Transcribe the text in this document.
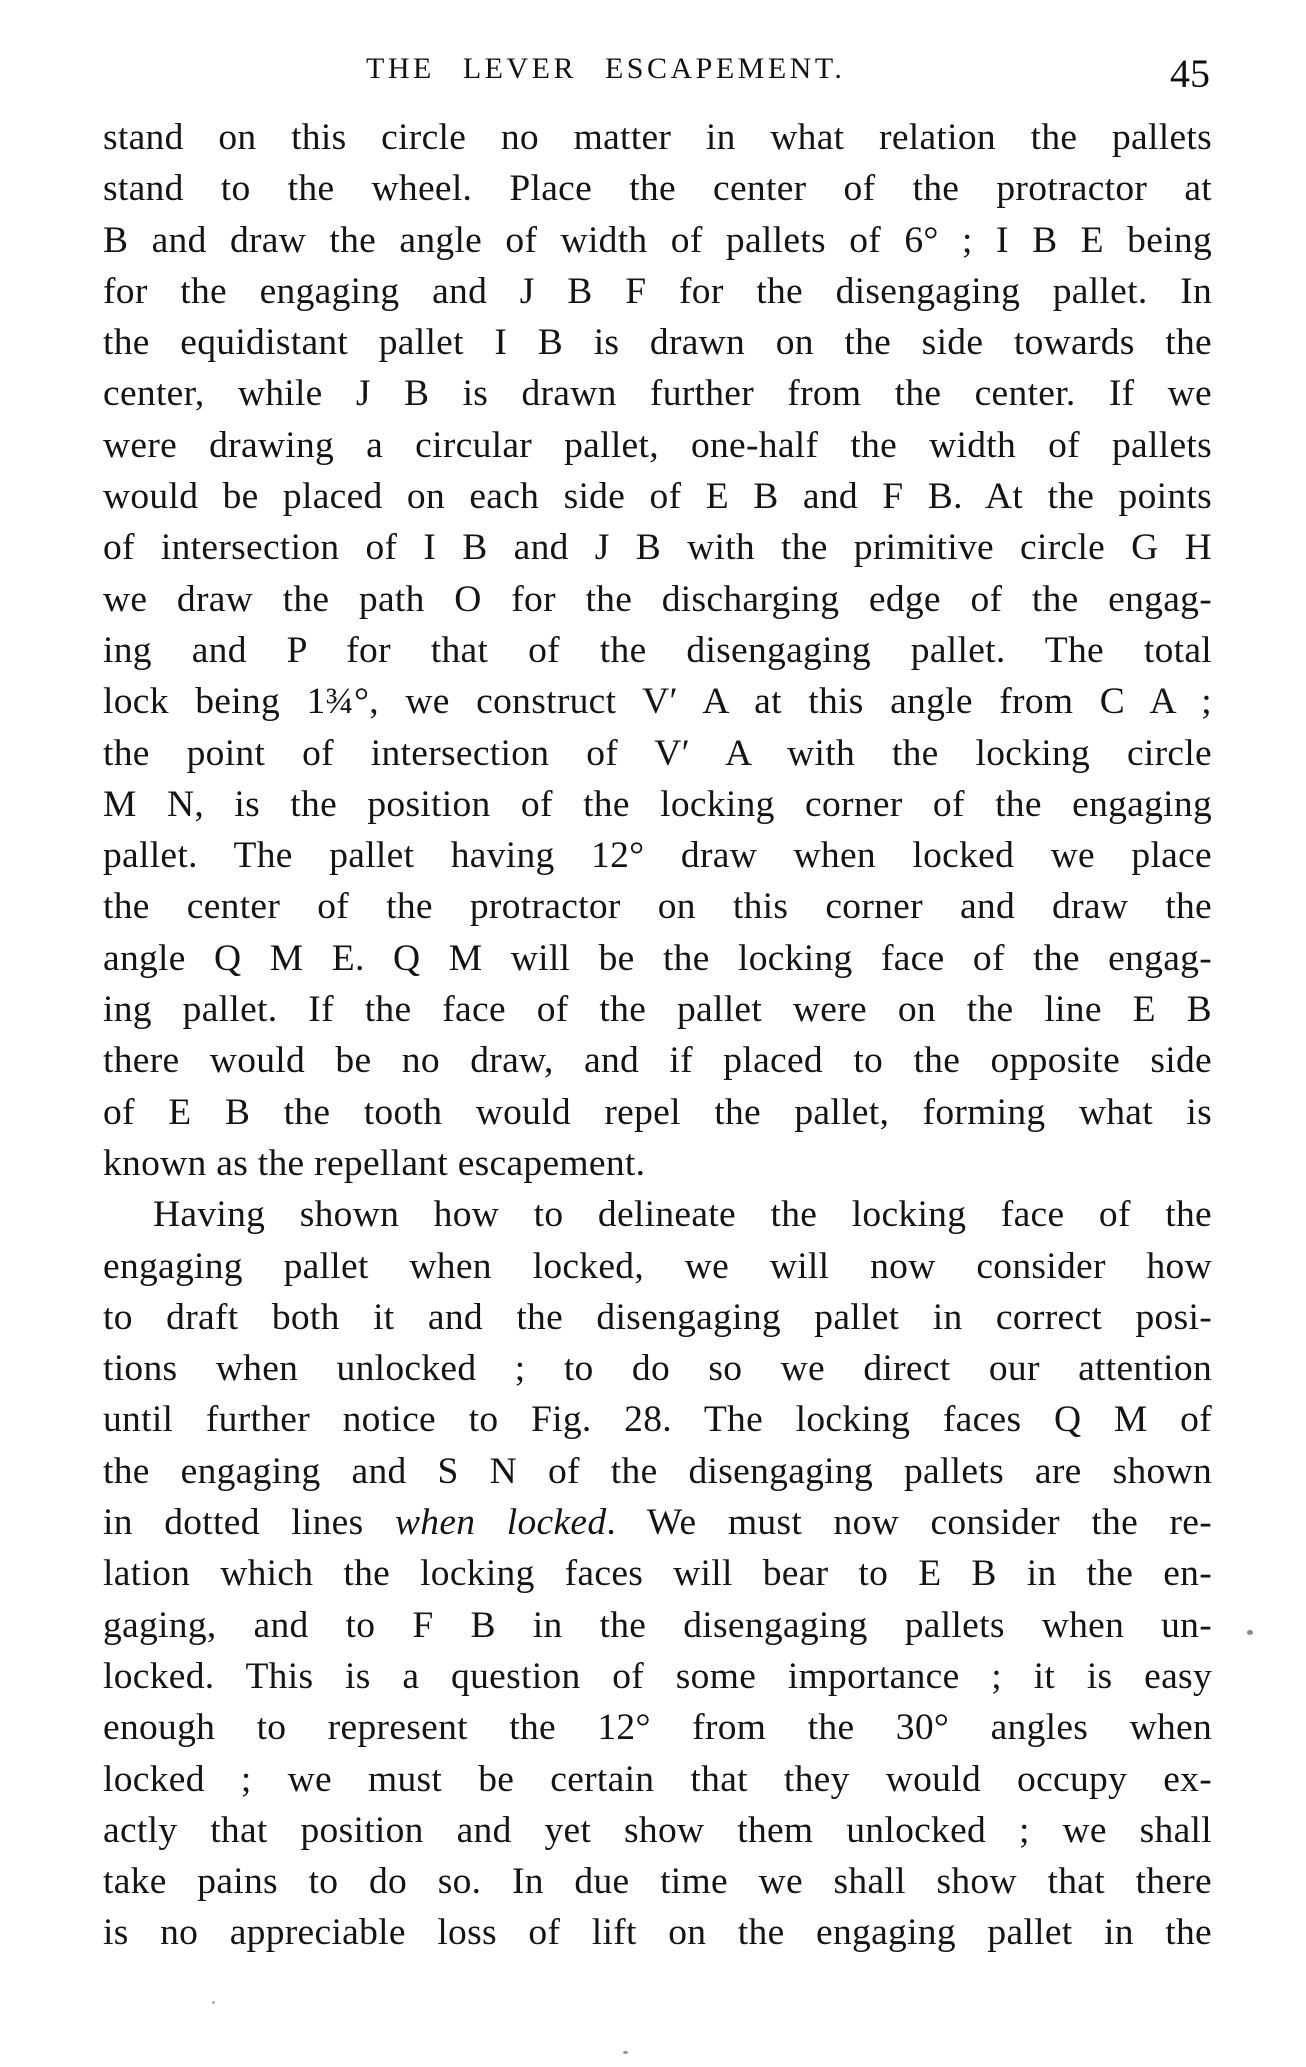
THE LEVER ESCAPEMENT.	45
stand on this circle no matter in what relation the pallets
stand to the wheel. Place the center of the protractor at
B and draw the angle of width of pallets of 6° ; I B E being
for the engaging and J B F for the disengaging pallet. In
the equidistant pallet I B is drawn on the side towards the
center, while J B is drawn further from the center. If we
were drawing a circular pallet, one-half the width of pallets
would be placed on each side of E B and F B. At the points
of intersection of I B and J B with the primitive circle G H
we draw the path O for the discharging edge of the engag-
ing and P for that of the disengaging pallet. The total
lock being 1¾°, we construct V′ A at this angle from C A ;
the point of intersection of V′ A with the locking circle
M N, is the position of the locking corner of the engaging
pallet. The pallet having 12° draw when locked we place
the center of the protractor on this corner and draw the
angle Q M E. Q M will be the locking face of the engag-
ing pallet. If the face of the pallet were on the line E B
there would be no draw, and if placed to the opposite side
of E B the tooth would repel the pallet, forming what is
known as the repellant escapement.
Having shown how to delineate the locking face of the
engaging pallet when locked, we will now consider how
to draft both it and the disengaging pallet in correct posi-
tions when unlocked ; to do so we direct our attention
until further notice to Fig. 28. The locking faces Q M of
the engaging and S N of the disengaging pallets are shown
in dotted lines when locked. We must now consider the re-
lation which the locking faces will bear to E B in the en-
gaging, and to F B in the disengaging pallets when un-
locked. This is a question of some importance ; it is easy
enough to represent the 12° from the 30° angles when
locked ; we must be certain that they would occupy ex-
actly that position and yet show them unlocked ; we shall
take pains to do so. In due time we shall show that there
is no appreciable loss of lift on the engaging pallet in the
